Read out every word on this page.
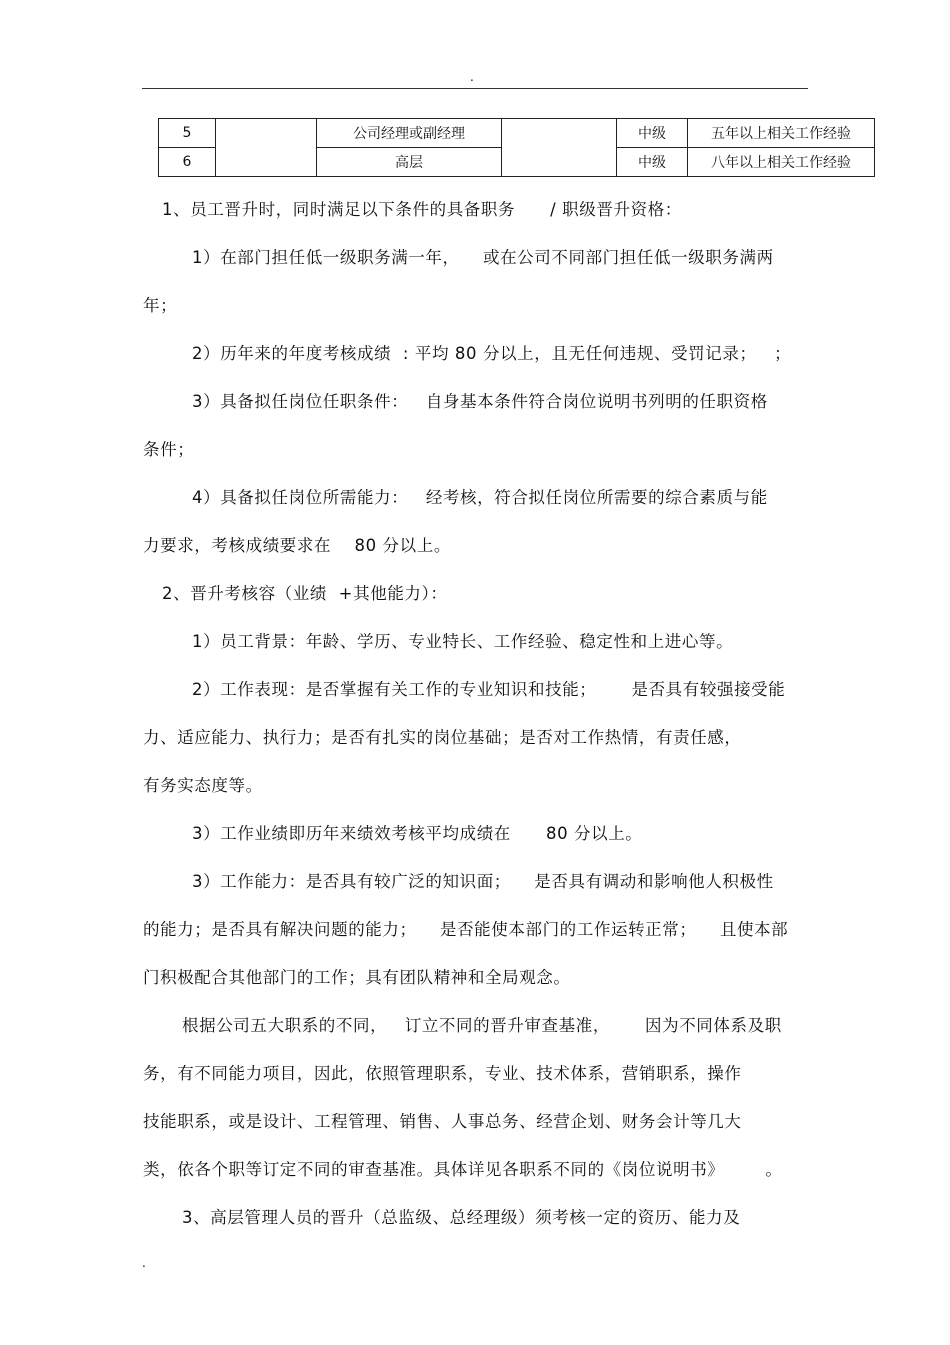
.
5		公司经理或副经理		中级	五年以上相关工作经验
6		高层		中级	八年以上相关工作经验
1、员工晋升时，同时满足以下条件的具备职务      / 职级晋升资格：
1）在部门担任低一级职务满一年，    或在公司不同部门担任低一级职务满两
年；
2）历年来的年度考核成绩  : 平均 80 分以上，且无任何违规、受罚记录；   ；
3）具备拟任岗位任职条件：   自身基本条件符合岗位说明书列明的任职资格
条件；
4）具备拟任岗位所需能力：   经考核，符合拟任岗位所需要的综合素质与能
力要求，考核成绩要求在    80 分以上。
2、晋升考核容（业绩  +其他能力）：
1）员工背景：年龄、学历、专业特长、工作经验、稳定性和上进心等。
2）工作表现：是否掌握有关工作的专业知识和技能；      是否具有较强接受能
力、适应能力、执行力；是否有扎实的岗位基础；是否对工作热情，有责任感，
有务实态度等。
3）工作业绩即历年来绩效考核平均成绩在      80 分以上。
3）工作能力：是否具有较广泛的知识面；    是否具有调动和影响他人积极性
的能力；是否具有解决问题的能力；    是否能使本部门的工作运转正常；    且使本部
门积极配合其他部门的工作；具有团队精神和全局观念。
根据公司五大职系的不同，   订立不同的晋升审查基准，      因为不同体系及职
务，有不同能力项目，因此，依照管理职系，专业、技术体系，营销职系，操作
技能职系，或是设计、工程管理、销售、人事总务、经营企划、财务会计等几大
类，依各个职等订定不同的审查基准。具体详见各职系不同的《岗位说明书》       。
3、高层管理人员的晋升（总监级、总经理级）须考核一定的资历、能力及
.
